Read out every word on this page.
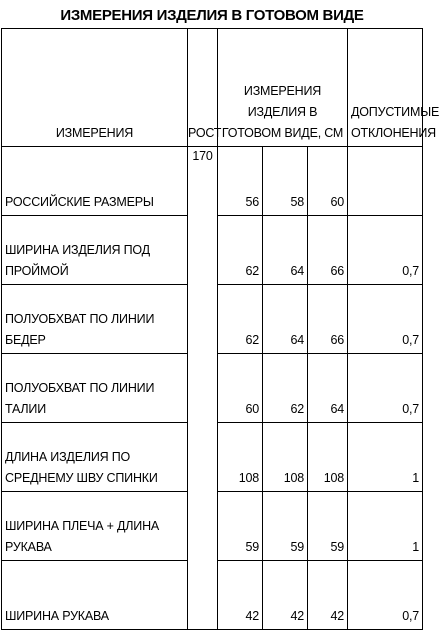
ИЗМЕРЕНИЯ ИЗДЕЛИЯ В ГОТОВОМ ВИДЕ
ИЗМЕРЕНИЯ	РОСТ	ИЗМЕРЕНИЯ ИЗДЕЛИЯ В ГОТОВОМ ВИДЕ, СМ			ДОПУСТИМЫЕ ОТКЛОНЕНИЯ
РОССИЙСКИЕ РАЗМЕРЫ	170	56	58	60	
ШИРИНА ИЗДЕЛИЯ ПОД ПРОЙМОЙ		62	64	66	0,7
ПОЛУОБХВАТ ПО ЛИНИИ БЕДЕР		62	64	66	0,7
ПОЛУОБХВАТ ПО ЛИНИИ ТАЛИИ		60	62	64	0,7
ДЛИНА ИЗДЕЛИЯ ПО СРЕДНЕМУ ШВУ СПИНКИ		108	108	108	1
ШИРИНА ПЛЕЧА + ДЛИНА РУКАВА		59	59	59	1
ШИРИНА РУКАВА		42	42	42	0,7
